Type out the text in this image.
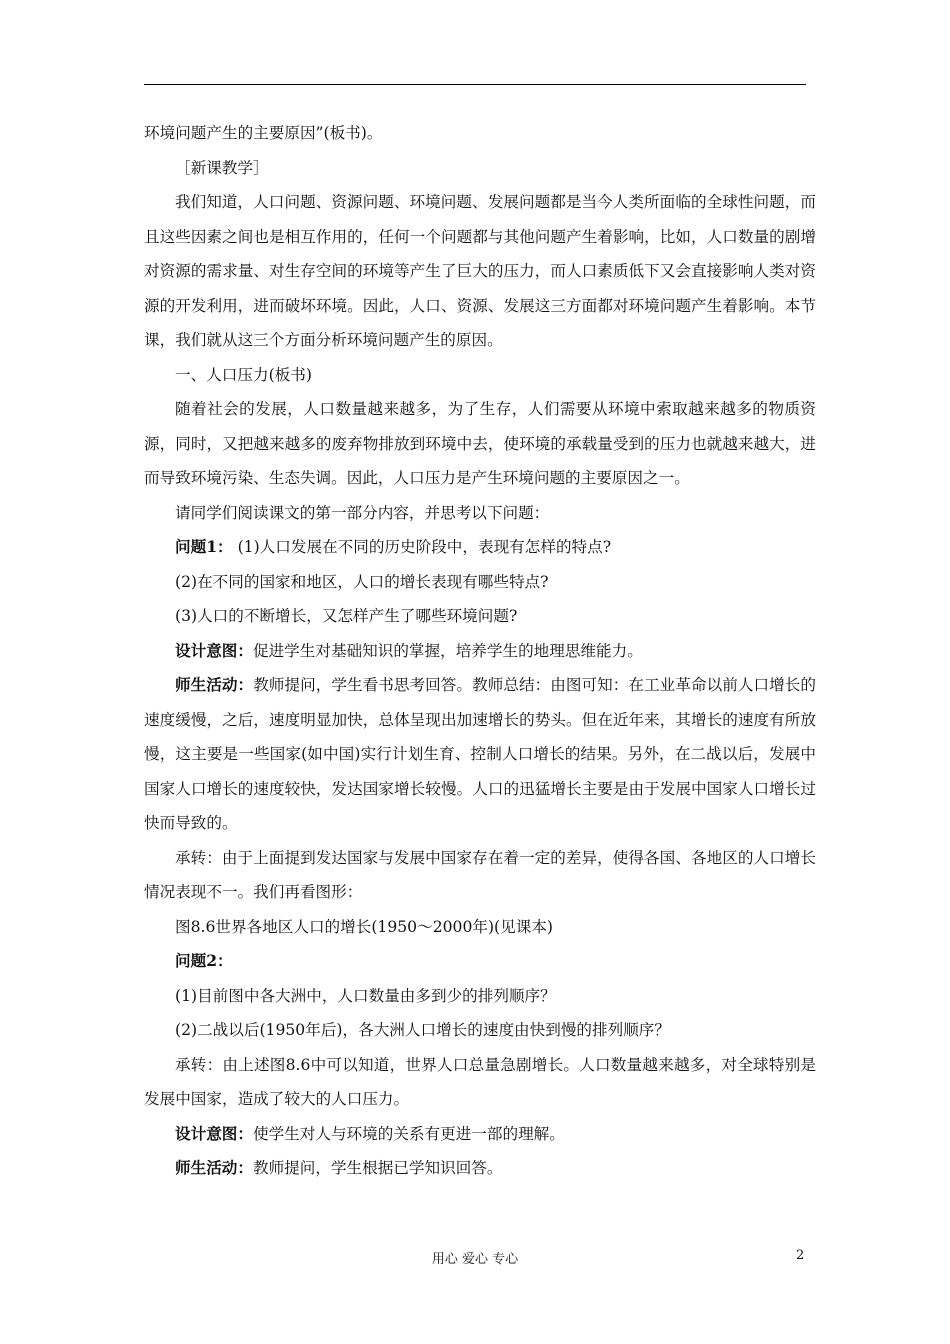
环境问题产生的主要原因”(板书)。

［新课教学］

我们知道，人口问题、资源问题、环境问题、发展问题都是当今人类所面临的全球性问题，而且这些因素之间也是相互作用的，任何一个问题都与其他问题产生着影响，比如，人口数量的剧增对资源的需求量、对生存空间的环境等产生了巨大的压力，而人口素质低下又会直接影响人类对资源的开发利用，进而破坏环境。因此，人口、资源、发展这三方面都对环境问题产生着影响。本节课，我们就从这三个方面分析环境问题产生的原因。

一、人口压力(板书)

随着社会的发展，人口数量越来越多，为了生存，人们需要从环境中索取越来越多的物质资源，同时，又把越来越多的废弃物排放到环境中去，使环境的承载量受到的压力也就越来越大，进而导致环境污染、生态失调。因此，人口压力是产生环境问题的主要原因之一。

请同学们阅读课文的第一部分内容，并思考以下问题：

问题1： (1)人口发展在不同的历史阶段中，表现有怎样的特点?

(2)在不同的国家和地区，人口的增长表现有哪些特点?

(3)人口的不断增长，又怎样产生了哪些环境问题?

设计意图：促进学生对基础知识的掌握，培养学生的地理思维能力。

师生活动：教师提问，学生看书思考回答。教师总结：由图可知：在工业革命以前人口增长的速度缓慢，之后，速度明显加快，总体呈现出加速增长的势头。但在近年来，其增长的速度有所放慢，这主要是一些国家(如中国)实行计划生育、控制人口增长的结果。另外，在二战以后，发展中国家人口增长的速度较快，发达国家增长较慢。人口的迅猛增长主要是由于发展中国家人口增长过快而导致的。

承转：由于上面提到发达国家与发展中国家存在着一定的差异，使得各国、各地区的人口增长情况表现不一。我们再看图形：

图8.6世界各地区人口的增长(1950～2000年)(见课本)

问题2：

(1)目前图中各大洲中，人口数量由多到少的排列顺序？

(2)二战以后(1950年后)，各大洲人口增长的速度由快到慢的排列顺序？

承转：由上述图8.6中可以知道，世界人口总量急剧增长。人口数量越来越多，对全球特别是发展中国家，造成了较大的人口压力。

设计意图：使学生对人与环境的关系有更进一部的理解。

师生活动：教师提问，学生根据已学知识回答。

用心 爱心 专心	2
